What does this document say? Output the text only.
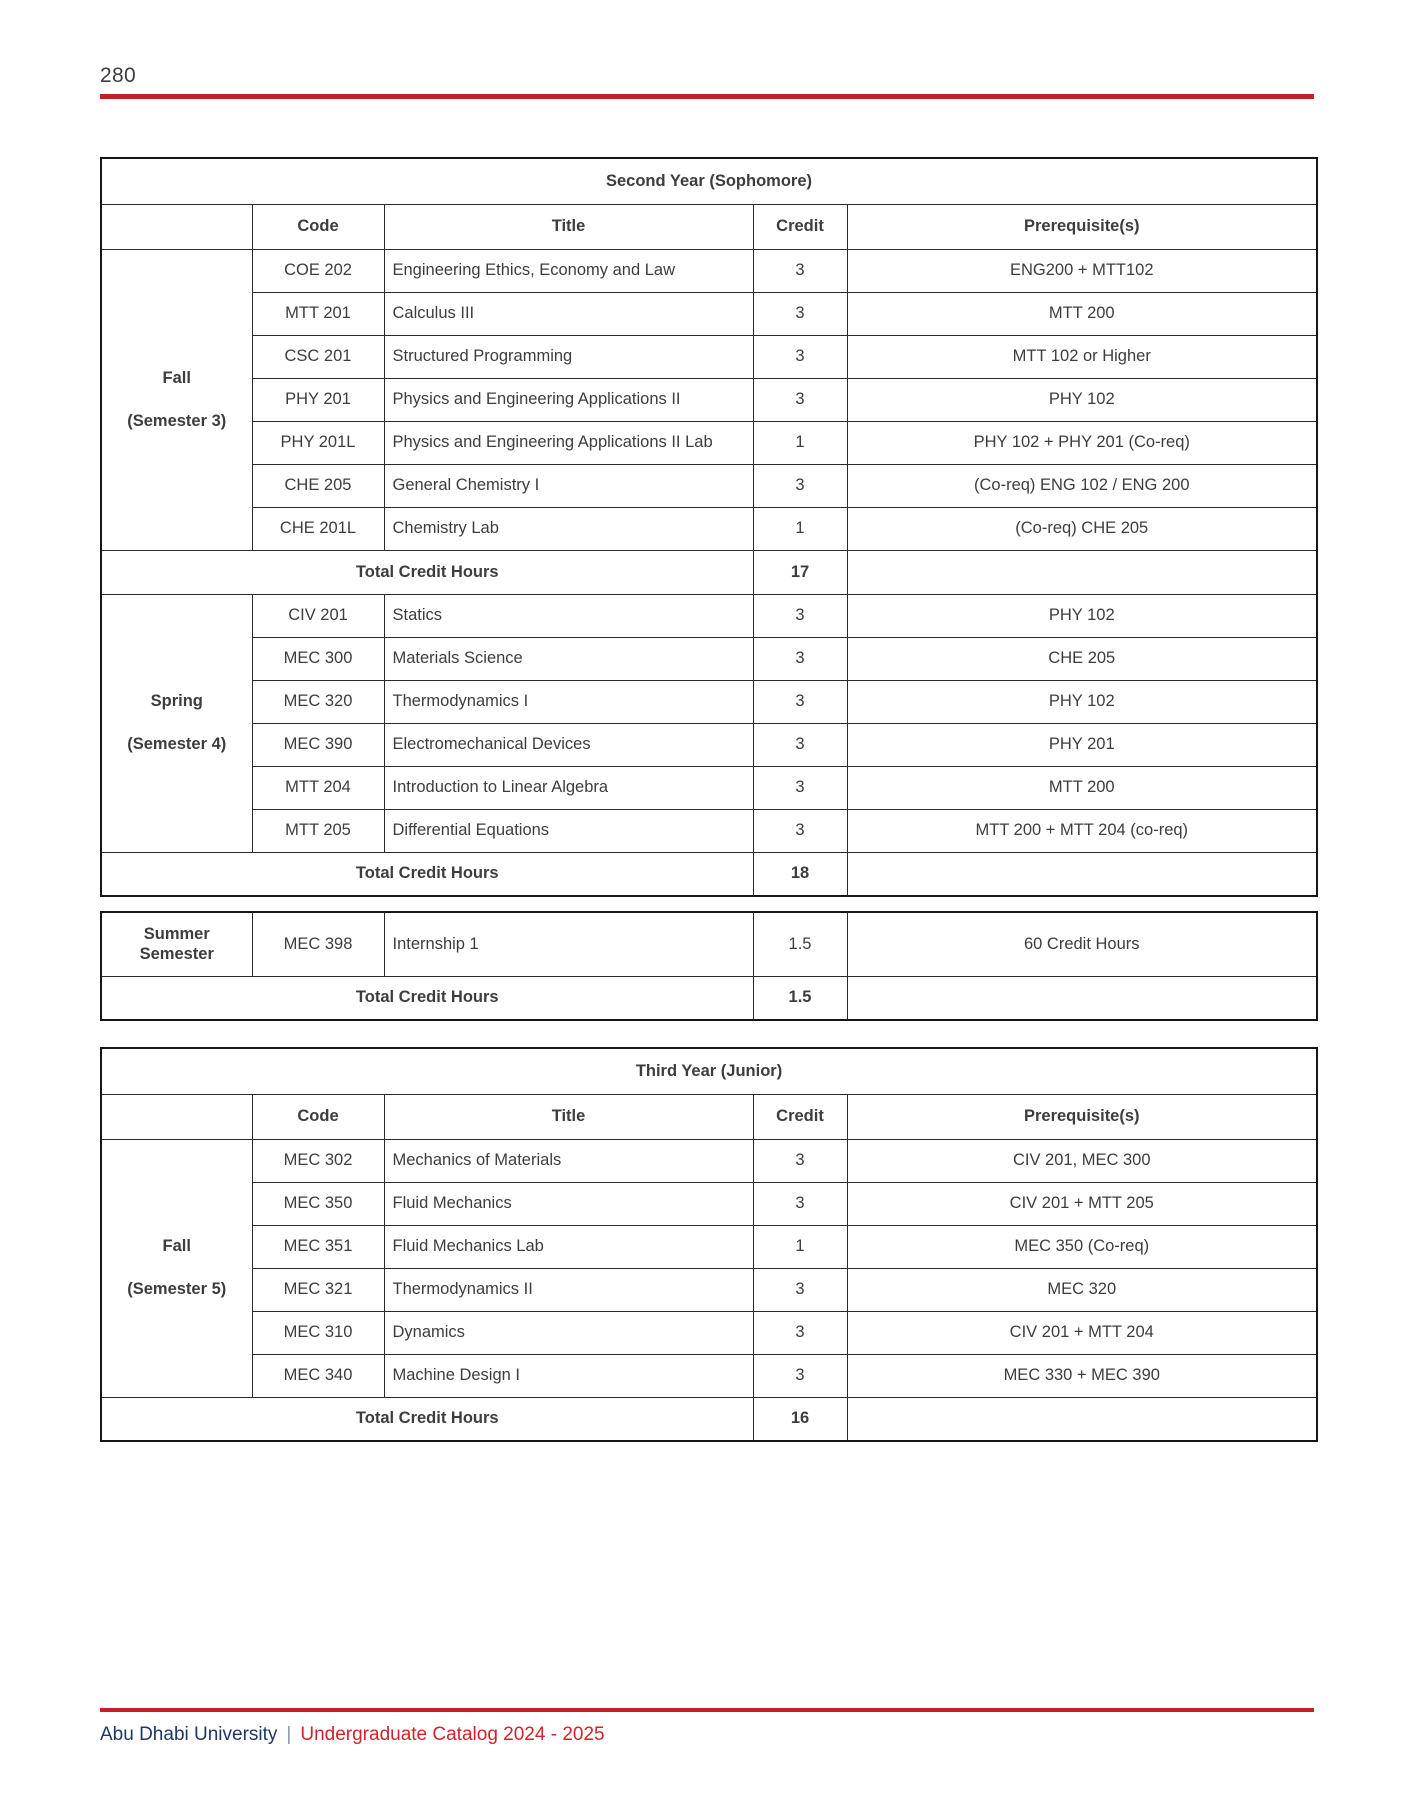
280
Second Year (Sophomore)				
	Code	Title	Credit	Prerequisite(s)

Fall
(Semester 3)	COE 202	Engineering Ethics, Economy and Law	3	ENG200 + MTT102
	MTT 201	Calculus III	3	MTT 200
	CSC 201	Structured Programming	3	MTT 102 or Higher
	PHY 201	Physics and Engineering Applications II	3	PHY 102
	PHY 201L	Physics and Engineering Applications II Lab	1	PHY 102 + PHY 201 (Co-req)
	CHE 205	General Chemistry I	3	(Co-req) ENG 102 / ENG 200
	CHE 201L	Chemistry Lab	1	(Co-req) CHE 205
Total Credit Hours			17	

Spring
(Semester 4)	CIV 201	Statics	3	PHY 102
	MEC 300	Materials Science	3	CHE 205
	MEC 320	Thermodynamics I	3	PHY 102
	MEC 390	Electromechanical Devices	3	PHY 201
	MTT 204	Introduction to Linear Algebra	3	MTT 200
	MTT 205	Differential Equations	3	MTT 200 + MTT 204 (co-req)
Total Credit Hours			18	
Summer
Semester	MEC 398	Internship 1	1.5	60 Credit Hours
Total Credit Hours			1.5	
Third Year (Junior)				
	Code	Title	Credit	Prerequisite(s)

Fall
(Semester 5)	MEC 302	Mechanics of Materials	3	CIV 201, MEC 300
	MEC 350	Fluid Mechanics	3	CIV 201 + MTT 205
	MEC 351	Fluid Mechanics Lab	1	MEC 350 (Co-req)
	MEC 321	Thermodynamics II	3	MEC 320
	MEC 310	Dynamics	3	CIV 201 + MTT 204
	MEC 340	Machine Design I	3	MEC 330 + MEC 390
Total Credit Hours			16	
Abu Dhabi University | Undergraduate Catalog 2024 - 2025
